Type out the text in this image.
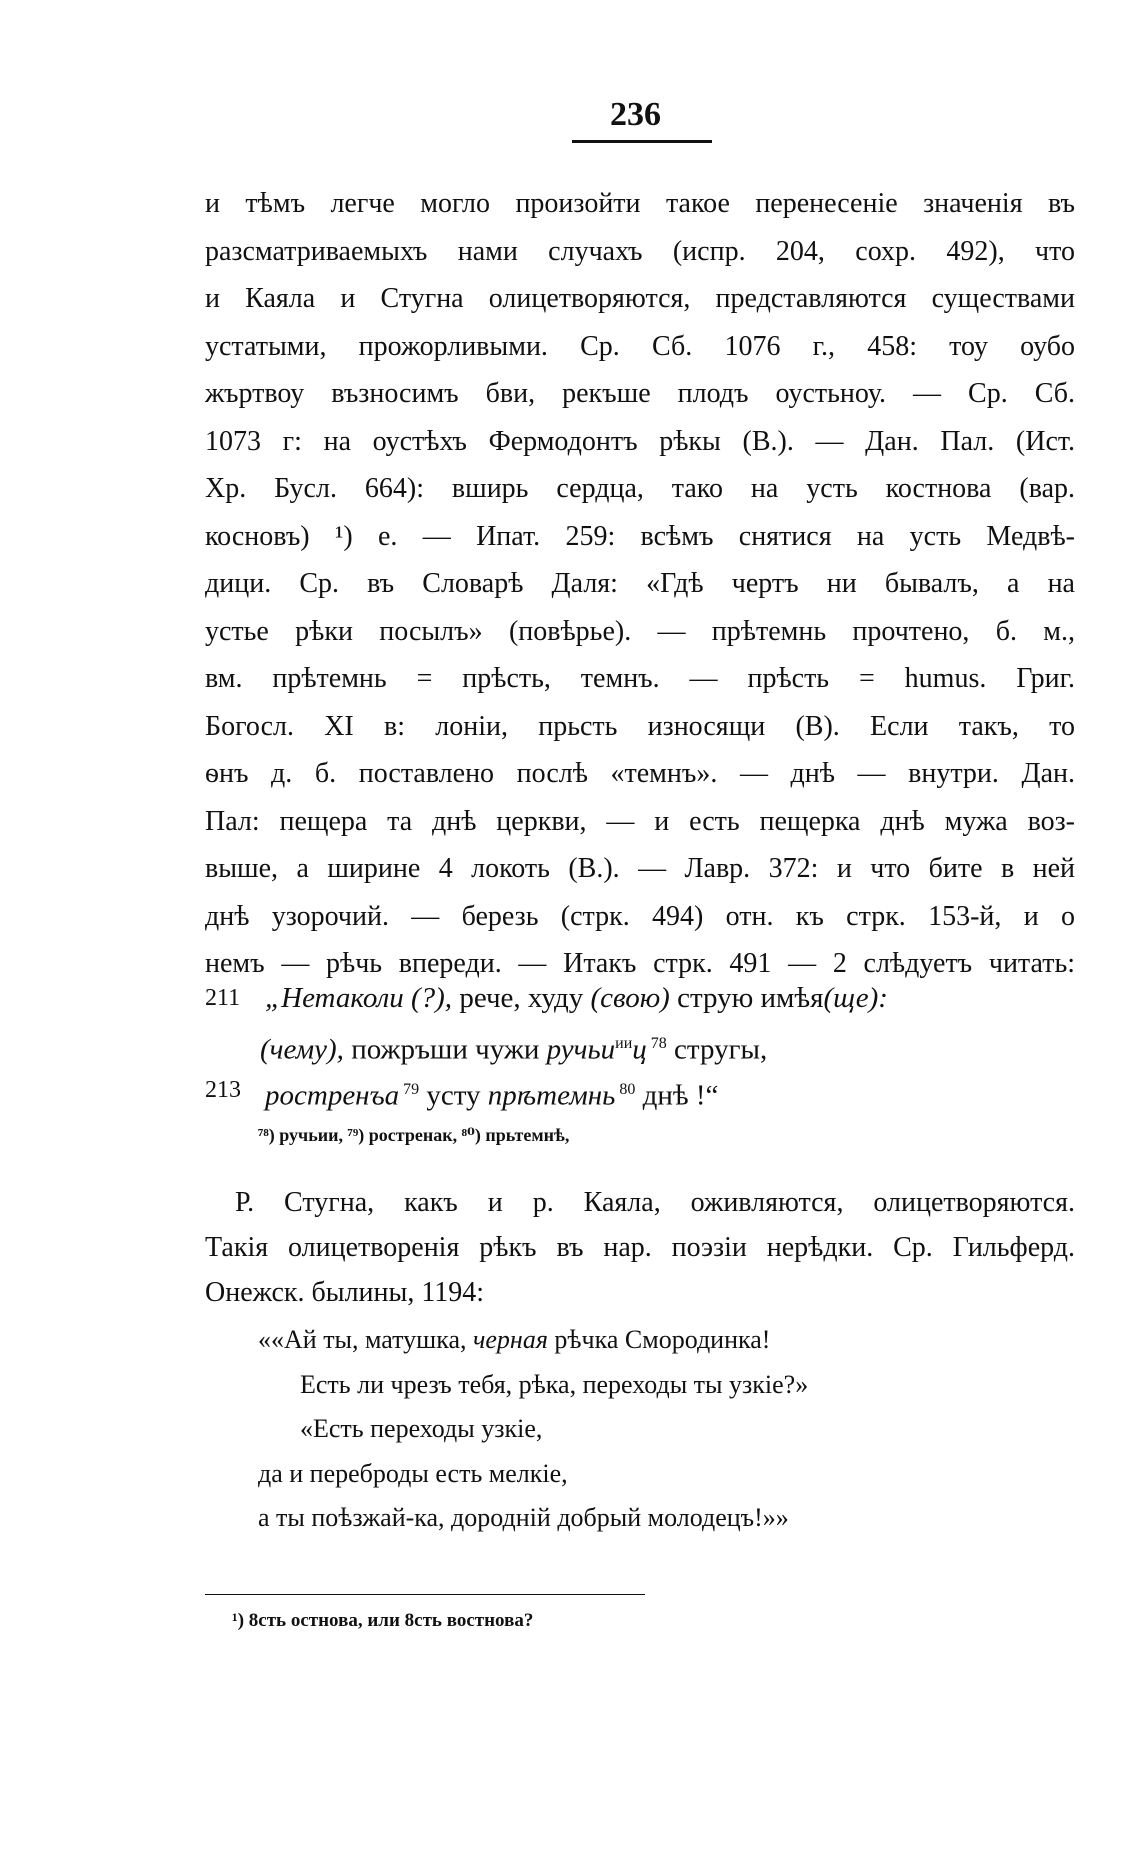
236
и тѣмъ легче могло произойти такое перенесеніе значенія въ
разсматриваемыхъ нами случахъ (испр. 204, сохр. 492), что
и Каяла и Стугна олицетворяются, представляются существами
устатыми, прожорливыми. Ср. Сб. 1076 г., 458: тоу оубо
жъртвоу възносимъ бви, рекъше плодъ оустьноу. — Ср. Сб.
1073 г: на оустѣхъ Фермодонтъ рѣкы (В.). — Дан. Пал. (Ист.
Хр. Бусл. 664): вширь сердца, тако на усть костнова (вар.
косновъ) ¹) е. — Ипат. 259: всѣмъ снятися на усть Медвѣ-
дици. Ср. въ Словарѣ Даля: «Гдѣ чертъ ни бывалъ, а на
устье рѣки посылъ» (повѣрье). — прѣтемнь прочтено, б. м.,
вм. прѣтемнь = прѣсть, темнъ. — прѣсть = humus. Григ.
Богосл. XI в: лоніи, прьсть износящи (В). Если такъ, то
ѳнъ д. б. поставлено послѣ «темнъ». — днѣ — внутри. Дан.
Пал: пещера та днѣ церкви, — и есть пещерка днѣ мужа воз-
выше, а ширине 4 локоть (В.). — Лавр. 372: и что бите в ней
днѣ узорочий. — березь (стрк. 494) отн. къ стрк. 153-й, и о
немъ — рѣчь впереди. — Итакъ стрк. 491 — 2 слѣдуетъ читать:
211 „Нетаколи (?), рече, худу (свою) струю имѣя(ще):
(чему), пожръши чужи ручьи$^{ии}$ц $^{78}$ стругы,
213 ростренъа $^{79}$ усту прѣтемнь $^{80}$ днѣ !“
⁷⁸) ручьии, ⁷⁹) ростренак, ⁸⁰) прьтемнѣ,
Р. Стугна, какъ и р. Каяла, оживляются, олицетворяются.
Такія олицетворенія рѣкъ въ нар. поэзіи нерѣдки. Ср. Гильферд.
Онежск. былины, 1194:
««Ай ты, матушка, черная рѣчка Смородинка!
Есть ли чрезъ тебя, рѣка, переходы ты узкіе?»
«Есть переходы узкіе,
да и переброды есть мелкіе,
а ты поѣзжай-ка, дородній добрый молодецъ!»»
¹) 8сть остнова, или 8сть востнова?
